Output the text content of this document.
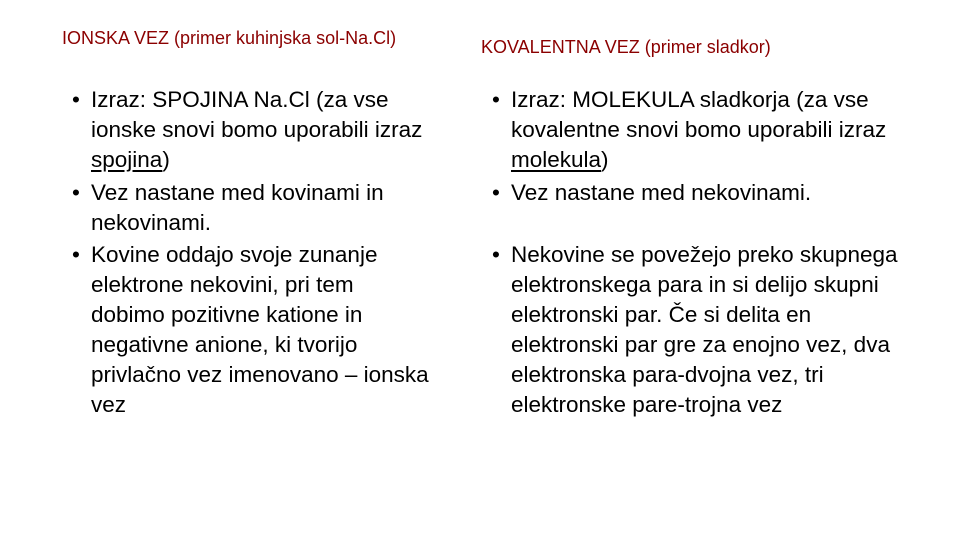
IONSKA VEZ (primer kuhinjska sol-Na.Cl)	KOVALENTNA VEZ (primer sladkor)
• Izraz: SPOJINA Na.Cl (za vse ionske snovi bomo uporabili izraz spojina)
• Vez nastane med kovinami in nekovinami.
• Kovine oddajo svoje zunanje elektrone nekovini, pri tem dobimo pozitivne katione in negativne anione, ki tvorijo privlačno vez imenovano – ionska vez
• Izraz: MOLEKULA sladkorja (za vse kovalentne snovi bomo uporabili izraz molekula)
• Vez nastane med nekovinami.
• Nekovine se povežejo preko skupnega elektronskega para in si delijo skupni elektronski par. Če si delita en elektronski par gre za enojno vez, dva elektronska para-dvojna vez, tri elektronske pare-trojna vez
